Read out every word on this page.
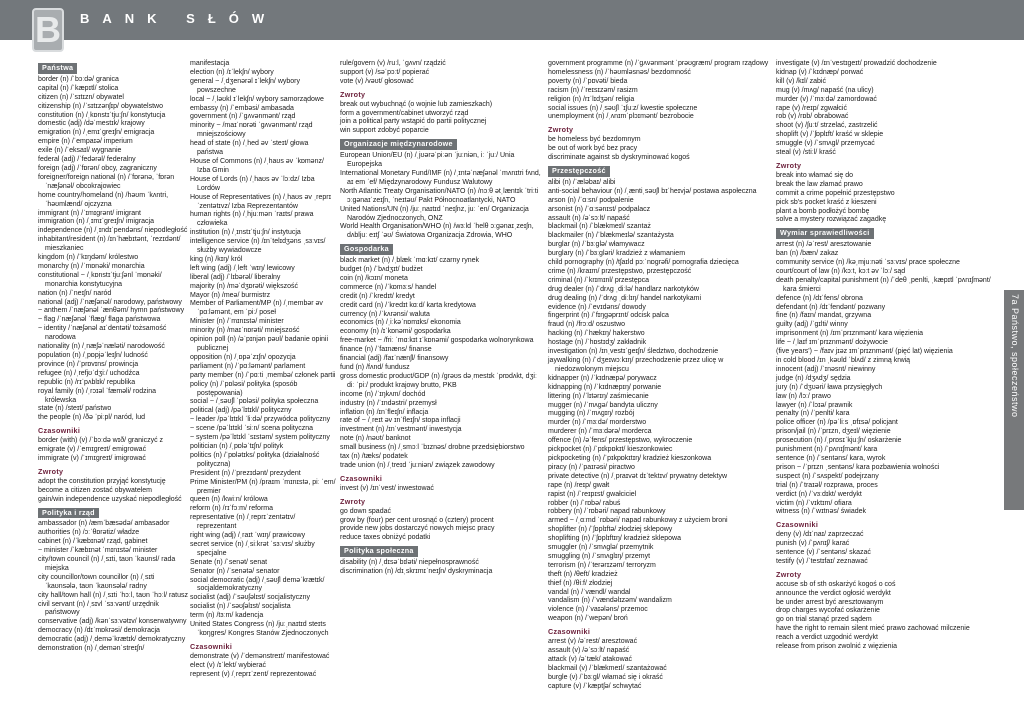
B BANK SŁÓW
7a Państwo, społeczeństwo
Państwa

border (n) /ˈbɔːdə/ granica

capital (n) /ˈkæpɪtl/ stolica

citizen (n) /ˈsɪtɪzn/ obywatel

citizenship (n) /ˈsɪtɪzənʃɪp/ obywatelstwo

constitution (n) /ˌkɒnstɪˈtjuːʃn/ konstytucja

domestic (adj) /dəˈmestɪk/ krajowy

emigration (n) /ˌemɪˈɡreɪʃn/ emigracja

empire (n) /ˈempaɪə/ imperium

exile (n) /ˈeksaɪl/ wygnanie

federal (adj) /ˈfedərəl/ federalny

foreign (adj) /ˈfɒrən/ obcy, zagraniczny

foreigner/foreign national (n) /ˈfɒrənə, ˈfɒrən ˈnæʃənəl/ obcokrajowiec

home country/homeland (n) /həʊm ˈkʌntri, ˈhəʊmlænd/ ojczyzna

immigrant (n) /ˈɪmɪɡrənt/ imigrant

immigration (n) /ˌɪmɪˈɡreɪʃn/ imigracja

independence (n) /ˌɪndɪˈpendəns/ niepodległość

inhabitant/resident (n) /ɪnˈhæbɪtənt, ˈrezɪdənt/ mieszkaniec

kingdom (n) /ˈkɪŋdəm/ królestwo

monarchy (n) /ˈmɒnəki/ monarchia

constitutional ~ /ˌkɒnstɪˈtjuːʃənl ˈmɒnəki/ monarchia konstytucyjna

nation (n) /ˈneɪʃn/ naród

national (adj) /ˈnæʃənəl/ narodowy, państwowy

~ anthem /ˈnæʃənəl ˈænθəm/ hymn państwowy

~ flag /ˈnæʃənəl ˈflæɡ/ flaga państwowa

~ identity /ˈnæʃənəl aɪˈdentəti/ tożsamość narodowa

nationality (n) /ˌnæʃəˈnæləti/ narodowość

population (n) /ˌpɒpjəˈleɪʃn/ ludność

province (n) /ˈprɒvɪns/ prowincja

refugee (n) /ˌrefjʊˈdʒiː/ uchodźca

republic (n) /rɪˈpʌblɪk/ republika

royal family (n) /ˌrɔɪəl ˈfæməli/ rodzina królewska

state (n) /steɪt/ państwo

the people (n) /ðə ˈpiːpl/ naród, lud

Czasowniki

border (with) (v) /ˈbɔːdə wɪð/ graniczyć z

emigrate (v) /ˈemɪɡreɪt/ emigrować

immigrate (v) /ˈɪmɪɡreɪt/ imigrować

Zwroty

adopt the constitution przyjąć konstytucję

become a citizen zostać obywatelem

gain/win independence uzyskać niepodległość

Polityka i rząd

ambassador (n) /æmˈbæsədə/ ambasador

authorities (n) /ɔːˈθɒrətiz/ władze

cabinet (n) /ˈkæbɪnət/ rząd, gabinet

~ minister /ˈkæbɪnət ˈmɪnɪstə/ minister

city/town council (n) /ˌsɪti, taʊn ˈkaʊnsl/ rada miejska

city councillor/town councillor (n) /ˌsɪti ˈkaʊnsələ, taʊn ˈkaʊnsələ/ radny

city hall/town hall (n) /ˌsɪti ˈhɔːl, taʊn ˈhɔːl/ ratusz

civil servant (n) /ˌsɪvl ˈsɜːvənt/ urzędnik państwowy

conservative (adj) /kənˈsɜːvətɪv/ konserwatywny

democracy (n) /dɪˈmɒkrəsi/ demokracja

democratic (adj) /ˌdeməˈkrætɪk/ demokratyczny

demonstration (n) /ˌdemənˈstreɪʃn/

manifestacja

election (n) /ɪˈlekʃn/ wybory

general ~ /ˌdʒenərəl ɪˈlekʃn/ wybory powszechne

local ~ /ˌləʊkl ɪˈlekʃn/ wybory samorządowe

embassy (n) /ˈembəsi/ ambasada

government (n) /ˈɡʌvənmənt/ rząd

minority ~ /maɪˈnɒrəti ˈɡʌvənmənt/ rząd mniejszościowy

head of state (n) /ˌhed əv ˈsteɪt/ głowa państwa

House of Commons (n) /ˌhaʊs əv ˈkɒmənz/ Izba Gmin

House of Lords (n) /ˌhaʊs əv ˈlɔːdz/ Izba Lordów

House of Representatives (n) /ˌhaʊs əv ˌreprɪˈzentətɪvz/ Izba Reprezentantów

human rights (n) /ˌhjuːmən ˈraɪts/ prawa człowieka

institution (n) /ˌɪnstɪˈtjuːʃn/ instytucja

intelligence service (n) /ɪnˈtelɪdʒəns ˌsɜːvɪs/ służby wywiadowcze

king (n) /kɪŋ/ król

left wing (adj) /ˌleft ˈwɪŋ/ lewicowy

liberal (adj) /ˈlɪbərəl/ liberalny

majority (n) /məˈdʒɒrəti/ większość

Mayor (n) /meə/ burmistrz

Member of Parliament/MP (n) /ˌmembər əv ˈpɑːləmənt, em ˈpiː/ poseł

Minister (n) /ˈmɪnɪstə/ minister

minority (n) /maɪˈnɒrəti/ mniejszość

opinion poll (n) /əˈpɪnjən pəʊl/ badanie opinii publicznej

opposition (n) /ˌɒpəˈzɪʃn/ opozycja

parliament (n) /ˈpɑːləmənt/ parlament

party member (n) /ˈpɑːti ˌmembə/ członek partii

policy (n) /ˈpɒləsi/ polityka (sposób postępowania)

social ~ /ˌsəʊʃl ˈpɒləsi/ polityka społeczna

political (adj) /pəˈlɪtɪkl/ polityczny

~ leader /pəˈlɪtɪkl ˈliːdə/ przywódca polityczny

~ scene /pəˈlɪtɪkl ˈsiːn/ scena polityczna

~ system /pəˈlɪtɪkl ˈsɪstəm/ system polityczny

politician (n) /ˌpɒləˈtɪʃn/ polityk

politics (n) /ˈpɒlətɪks/ polityka (działalność polityczna)

President (n) /ˈprezɪdənt/ prezydent

Prime Minister/PM (n) /praɪm ˈmɪnɪstə, piː ˈem/ premier

queen (n) /kwiːn/ królowa

reform (n) /rɪˈfɔːm/ reforma

representative (n) /ˌreprɪˈzentətɪv/ reprezentant

right wing (adj) /ˌraɪt ˈwɪŋ/ prawicowy

secret service (n) /ˌsiːkrət ˈsɜːvɪs/ służby specjalne

Senate (n) /ˈsenət/ senat

Senator (n) /ˈsenətə/ senator

social democratic (adj) /ˌsəʊʃl deməˈkrætɪk/ socjaldemokratyczny

socialist (adj) /ˈsəʊʃəlɪst/ socjalistyczny

socialist (n) /ˈsəʊʃəlɪst/ socjalista

term (n) /tɜːm/ kadencja

United States Congress (n) /juːˌnaɪtɪd steɪts ˈkɒŋɡres/ Kongres Stanów Zjednoczonych

Czasowniki

demonstrate (v) /ˈdemənstreɪt/ manifestować

elect (v) /ɪˈlekt/ wybierać

represent (v) /ˌreprɪˈzent/ reprezentować

rule/govern (v) /ruːl, ˈɡʌvn/ rządzić

support (v) /səˈpɔːt/ popierać

vote (v) /vəʊt/ głosować

Zwroty

break out wybuchnąć (o wojnie lub zamieszkach)

form a government/cabinet utworzyć rząd

join a political party wstąpić do partii politycznej

win support zdobyć poparcie

Organizacje międzynarodowe

European Union/EU (n) /ˌjʊərəˈpiːən ˈjuːniən, iː ˈjuː/ Unia Europejska

International Monetary Fund/IMF (n) /ˌɪntəˈnæʃənəl ˈmʌnɪtri fʌnd, aɪ em ˈef/ Międzynarodowy Fundusz Walutowy

North Atlantic Treaty Organisation/NATO (n) /nɔːθ ətˌlæntɪk ˈtriːti ɔːɡənaɪˈzeɪʃn, ˈneɪtəʊ/ Pakt Północnoatlantycki, NATO

United Nations/UN (n) /juːˌnaɪtɪd ˈneɪʃnz, juː ˈen/ Organizacja Narodów Zjednoczonych, ONZ

World Health Organisation/WHO (n) /wɜːld ˈhelθ ɔːɡənaɪˌzeɪʃn, dʌbljuː eɪtʃ ˈəʊ/ Światowa Organizacja Zdrowia, WHO

Gospodarka

black market (n) /ˌblæk ˈmɑːkɪt/ czarny rynek

budget (n) /ˈbʌdʒɪt/ budżet

coin (n) /kɔɪn/ moneta

commerce (n) /ˈkɒmɜːs/ handel

credit (n) /ˈkredɪt/ kredyt

credit card (n) /ˈkredɪt kɑːd/ karta kredytowa

currency (n) /ˈkʌrənsi/ waluta

economics (n) /ˌiːkəˈnɒmɪks/ ekonomia

economy (n) /ɪˈkɒnəmi/ gospodarka

free-market ~ /friː ˈmɑːkɪt ɪˈkɒnəmi/ gospodarka wolnorynkowa

finance (n) /ˈfaɪnæns/ finanse

financial (adj) /faɪˈnænʃl/ finansowy

fund (n) /fʌnd/ fundusz

gross domestic product/GDP (n) /ɡrəʊs dəˌmestɪk ˈprɒdʌkt, dʒiː diː ˈpiː/ produkt krajowy brutto, PKB

income (n) /ˈɪŋkʌm/ dochód

industry (n) /ˈɪndəstri/ przemysł

inflation (n) /ɪnˈfleɪʃn/ inflacja

rate of ~ /ˌreɪt əv ɪnˈfleɪʃn/ stopa inflacji

investment (n) /ɪnˈvestmənt/ inwestycja

note (n) /nəʊt/ banknot

small business (n) /ˌsmɔːl ˈbɪznəs/ drobne przedsiębiorstwo

tax (n) /tæks/ podatek

trade union (n) /ˌtreɪd ˈjuːniən/ związek zawodowy

Czasowniki

invest (v) /ɪnˈvest/ inwestować

Zwroty

go down spadać

grow by (four) per cent urosnąć o (cztery) procent

provide new jobs dostarczyć nowych miejsc pracy

reduce taxes obniżyć podatki

Polityka społeczna

disability (n) /ˌdɪsəˈbɪləti/ niepełnosprawność

discrimination (n) /dɪˌskrɪmɪˈneɪʃn/ dyskryminacja

government programme (n) /ˈɡʌvənmənt ˈprəʊɡræm/ program rządowy

homelessness (n) /ˈhəʊmləsnəs/ bezdomność

poverty (n) /ˈpɒvəti/ bieda

racism (n) /ˈreɪsɪzəm/ rasizm

religion (n) /rɪˈlɪdʒən/ religia

social issues (n) /ˌsəʊʃl ˈɪʃuːz/ kwestie społeczne

unemployment (n) /ˌʌnɪmˈplɔɪmənt/ bezrobocie

Zwroty

be homeless być bezdomnym

be out of work być bez pracy

discriminate against sb dyskryminować kogoś

Przestępczość

alibi (n) /ˈæləbaɪ/ alibi

anti-social behaviour (n) /ˌæntiˌsəʊʃl bɪˈheɪvjə/ postawa aspołeczna

arson (n) /ˈɑːsn/ podpalenie

arsonist (n) /ˈɑːsənɪst/ podpalacz

assault (n) /əˈsɔːlt/ napaść

blackmail (n) /ˈblækmeɪl/ szantaż

blackmailer (n) /ˈblækmeɪlə/ szantażysta

burglar (n) /ˈbɜːɡlə/ włamywacz

burglary (n) /ˈbɜːɡləri/ kradzież z włamaniem

child pornography (n) /tʃaɪld pɔːˈnɒɡrəfi/ pornografia dziecięca

crime (n) /kraɪm/ przestępstwo, przestępczość

criminal (n) /ˈkrɪmɪnl/ przestępca

drug dealer (n) /ˈdrʌɡ ˌdiːlə/ handlarz narkotyków

drug dealing (n) /ˈdrʌɡ ˌdiːlɪŋ/ handel narkotykami

evidence (n) /ˈevɪdəns/ dowody

fingerprint (n) /ˈfɪŋɡəprɪnt/ odcisk palca

fraud (n) /frɔːd/ oszustwo

hacking (n) /ˈhækɪŋ/ hakerstwo

hostage (n) /ˈhɒstɪdʒ/ zakładnik

investigation (n) /ɪnˌvestɪˈɡeɪʃn/ śledztwo, dochodzenie

jaywalking (n) /ˈdʒeɪwɔːkɪŋ/ przechodzenie przez ulicę w niedozwolonym miejscu

kidnapper (n) /ˈkɪdnæpə/ porywacz

kidnapping (n) /ˈkɪdnæpɪŋ/ porwanie

littering (n) /ˈlɪtərɪŋ/ zaśmiecanie

mugger (n) /ˈmʌɡə/ bandyta uliczny

mugging (n) /ˈmʌɡɪŋ/ rozbój

murder (n) /ˈmɜːdə/ morderstwo

murderer (n) /ˈmɜːdərə/ morderca

offence (n) /əˈfens/ przestępstwo, wykroczenie

pickpocket (n) /ˈpɪkpɒkɪt/ kieszonkowiec

pickpocketing (n) /ˈpɪkpɒkɪtɪŋ/ kradzież kieszonkowa

piracy (n) /ˈpaɪrəsi/ piractwo

private detective (n) /ˌpraɪvət dɪˈtektɪv/ prywatny detektyw

rape (n) /reɪp/ gwałt

rapist (n) /ˈreɪpɪst/ gwałciciel

robber (n) /ˈrɒbə/ rabuś

robbery (n) /ˈrɒbəri/ napad rabunkowy

armed ~ /ˌɑːmd ˈrɒbəri/ napad rabunkowy z użyciem broni

shoplifter (n) /ˈʃɒplɪftə/ złodziej sklepowy

shoplifting (n) /ˈʃɒplɪftɪŋ/ kradzież sklepowa

smuggler (n) /ˈsmʌɡlə/ przemytnik

smuggling (n) /ˈsmʌɡlɪŋ/ przemyt

terrorism (n) /ˈterərɪzəm/ terroryzm

theft (n) /θeft/ kradzież

thief (n) /θiːf/ złodziej

vandal (n) /ˈvændl/ wandal

vandalism (n) /ˈvændəlɪzəm/ wandalizm

violence (n) /ˈvaɪələns/ przemoc

weapon (n) /ˈwepən/ broń

Czasowniki

arrest (v) /əˈrest/ aresztować

assault (v) /əˈsɔːlt/ napaść

attack (v) /əˈtæk/ atakować

blackmail (v) /ˈblækmeɪl/ szantażować

burgle (v) /ˈbɜːɡl/ włamać się i okraść

capture (v) /ˈkæptʃə/ schwytać

investigate (v) /ɪnˈvestɪɡeɪt/ prowadzić dochodzenie

kidnap (v) /ˈkɪdnæp/ porwać

kill (v) /kɪl/ zabić

mug (v) /mʌɡ/ napaść (na ulicy)

murder (v) /ˈmɜːdə/ zamordować

rape (v) /reɪp/ zgwałcić

rob (v) /rɒb/ obrabować

shoot (v) /ʃuːt/ strzelać, zastrzelić

shoplift (v) /ˈʃɒplɪft/ kraść w sklepie

smuggle (v) /ˈsmʌɡl/ przemycać

steal (v) /stiːl/ kraść

Zwroty

break into włamać się do

break the law złamać prawo

commit a crime popełnić przestępstwo

pick sb's pocket kraść z kieszeni

plant a bomb podłożyć bombę

solve a mystery rozwiązać zagadkę

Wymiar sprawiedliwości

arrest (n) /əˈrest/ aresztowanie

ban (n) /bæn/ zakaz

community service (n) /kəˌmjuːnəti ˈsɜːvɪs/ prace społeczne

court/court of law (n) /kɔːt, kɔːt əv ˈlɔː/ sąd

death penalty/capital punishment (n) /ˈdeθ ˌpenlti, ˌkæpɪtl ˈpʌnɪʃmənt/ kara śmierci

defence (n) /dɪˈfens/ obrona

defendant (n) /dɪˈfendənt/ pozwany

fine (n) /faɪn/ mandat, grzywna

guilty (adj) /ˈɡɪlti/ winny

imprisonment (n) /ɪmˈprɪznmənt/ kara więzienia

life ~ /ˌlaɪf ɪmˈprɪznmənt/ dożywocie

(five years') ~ /faɪv jɪəz ɪmˈprɪznmənt/ (pięć lat) więzienia

in cold blood /ɪn ˌkəʊld ˈblʌd/ z zimną krwią

innocent (adj) /ˈɪnəsnt/ niewinny

judge (n) /dʒʌdʒ/ sędzia

jury (n) /ˈdʒʊəri/ ława przysięgłych

law (n) /lɔː/ prawo

lawyer (n) /ˈlɔɪə/ prawnik

penalty (n) /ˈpenlti/ kara

police officer (n) /pəˈliːs ˌɒfɪsə/ policjant

prison/jail (n) /ˈprɪzn, dʒeɪl/ więzienie

prosecution (n) /ˌprɒsɪˈkjuːʃn/ oskarżenie

punishment (n) /ˈpʌnɪʃmənt/ kara

sentence (n) /ˈsentəns/ kara, wyrok

prison ~ /ˈprɪzn ˌsentəns/ kara pozbawienia wolności

suspect (n) /ˈsʌspekt/ podejrzany

trial (n) /ˈtraɪəl/ rozprawa, proces

verdict (n) /ˈvɜːdɪkt/ werdykt

victim (n) /ˈvɪktɪm/ ofiara

witness (n) /ˈwɪtnəs/ świadek

Czasowniki

deny (v) /dɪˈnaɪ/ zaprzeczać

punish (v) /ˈpʌnɪʃ/ karać

sentence (v) /ˈsentəns/ skazać

testify (v) /ˈtestɪfaɪ/ zeznawać

Zwroty

accuse sb of sth oskarżyć kogoś o coś

announce the verdict ogłosić werdykt

be under arrest być aresztowanym

drop charges wycofać oskarżenie

go on trial stanąć przed sądem

have the right to remain silent mieć prawo zachować milczenie

reach a verdict uzgodnić werdykt

release from prison zwolnić z więzienia
